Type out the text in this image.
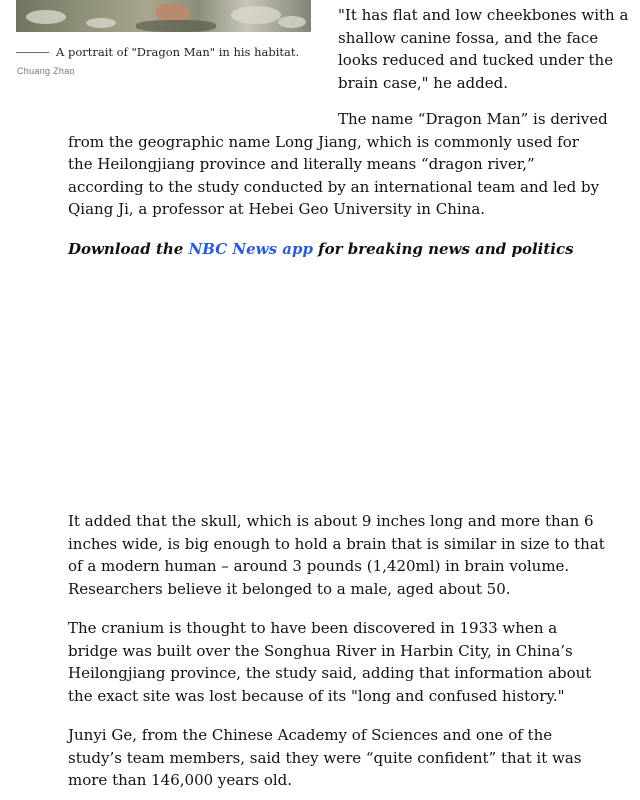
A portrait of "Dragon Man" in his habitat.
Chuang Zhao
"It has flat and low cheekbones with a shallow canine fossa, and the face looks reduced and tucked under the brain case," he added.
The name “Dragon Man” is derived
from the geographic name Long Jiang, which is commonly used for the Heilongjiang province and literally means “dragon river,” according to the study conducted by an international team and led by Qiang Ji, a professor at Hebei Geo University in China.
Download the NBC News app for breaking news and politics
It added that the skull, which is about 9 inches long and more than 6 inches wide, is big enough to hold a brain that is similar in size to that of a modern human – around 3 pounds (1,420ml) in brain volume. Researchers believe it belonged to a male, aged about 50.
The cranium is thought to have been discovered in 1933 when a bridge was built over the Songhua River in Harbin City, in China’s Heilongjiang province, the study said, adding that information about the exact site was lost because of its "long and confused history."
Junyi Ge, from the Chinese Academy of Sciences and one of the study’s team members, said they were “quite confident” that it was more than 146,000 years old.
